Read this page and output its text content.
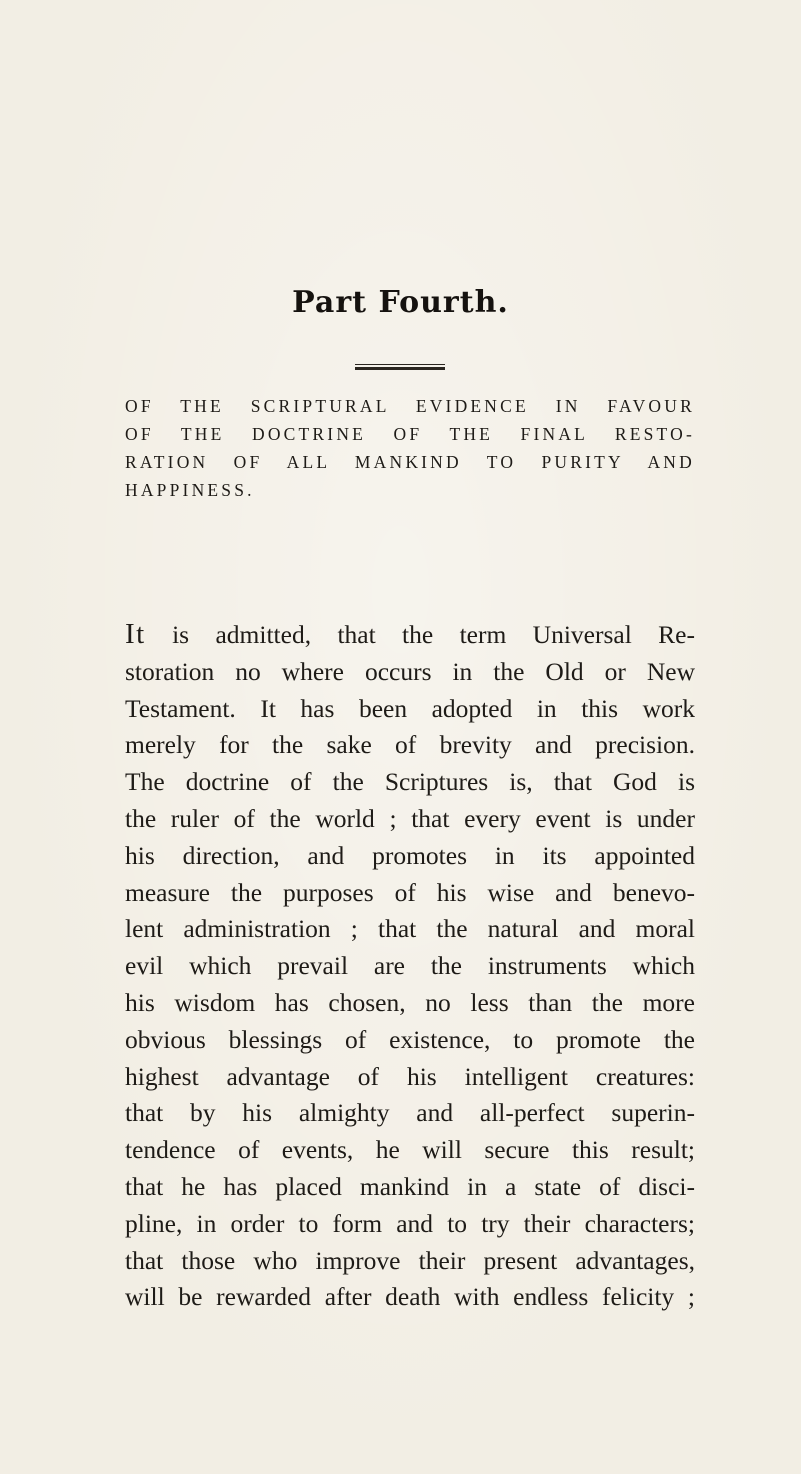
Part Fourth.
OF THE SCRIPTURAL EVIDENCE IN FAVOUR
OF THE DOCTRINE OF THE FINAL RESTO-
RATION OF ALL MANKIND TO PURITY AND
HAPPINESS.
It is admitted, that the term Universal Re-
storation no where occurs in the Old or New
Testament. It has been adopted in this work
merely for the sake of brevity and precision.
The doctrine of the Scriptures is, that God is
the ruler of the world ; that every event is under
his direction, and promotes in its appointed
measure the purposes of his wise and benevo-
lent administration ; that the natural and moral
evil which prevail are the instruments which
his wisdom has chosen, no less than the more
obvious blessings of existence, to promote the
highest advantage of his intelligent creatures:
that by his almighty and all-perfect superin-
tendence of events, he will secure this result;
that he has placed mankind in a state of disci-
pline, in order to form and to try their characters;
that those who improve their present advantages,
will be rewarded after death with endless felicity ;
